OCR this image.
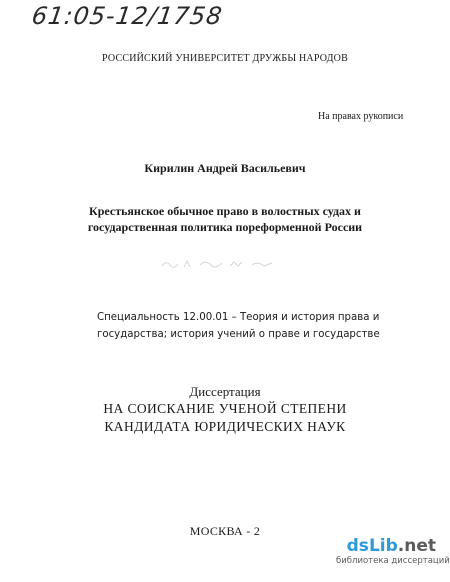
61:05-12/1758
РОССИЙСКИЙ УНИВЕРСИТЕТ ДРУЖБЫ НАРОДОВ
На правах рукописи
Кирилин Андрей Васильевич
Крестьянское обычное право в волостных судах и
государственная политика пореформенной России
Специальность 12.00.01 – Теория и история права и
государства; история учений о праве и государстве
Диссертация
НА СОИСКАНИЕ УЧЕНОЙ СТЕПЕНИ
КАНДИДАТА ЮРИДИЧЕСКИХ НАУК
МОСКВА - 2
dsLib.net
библиотека диссертаций
